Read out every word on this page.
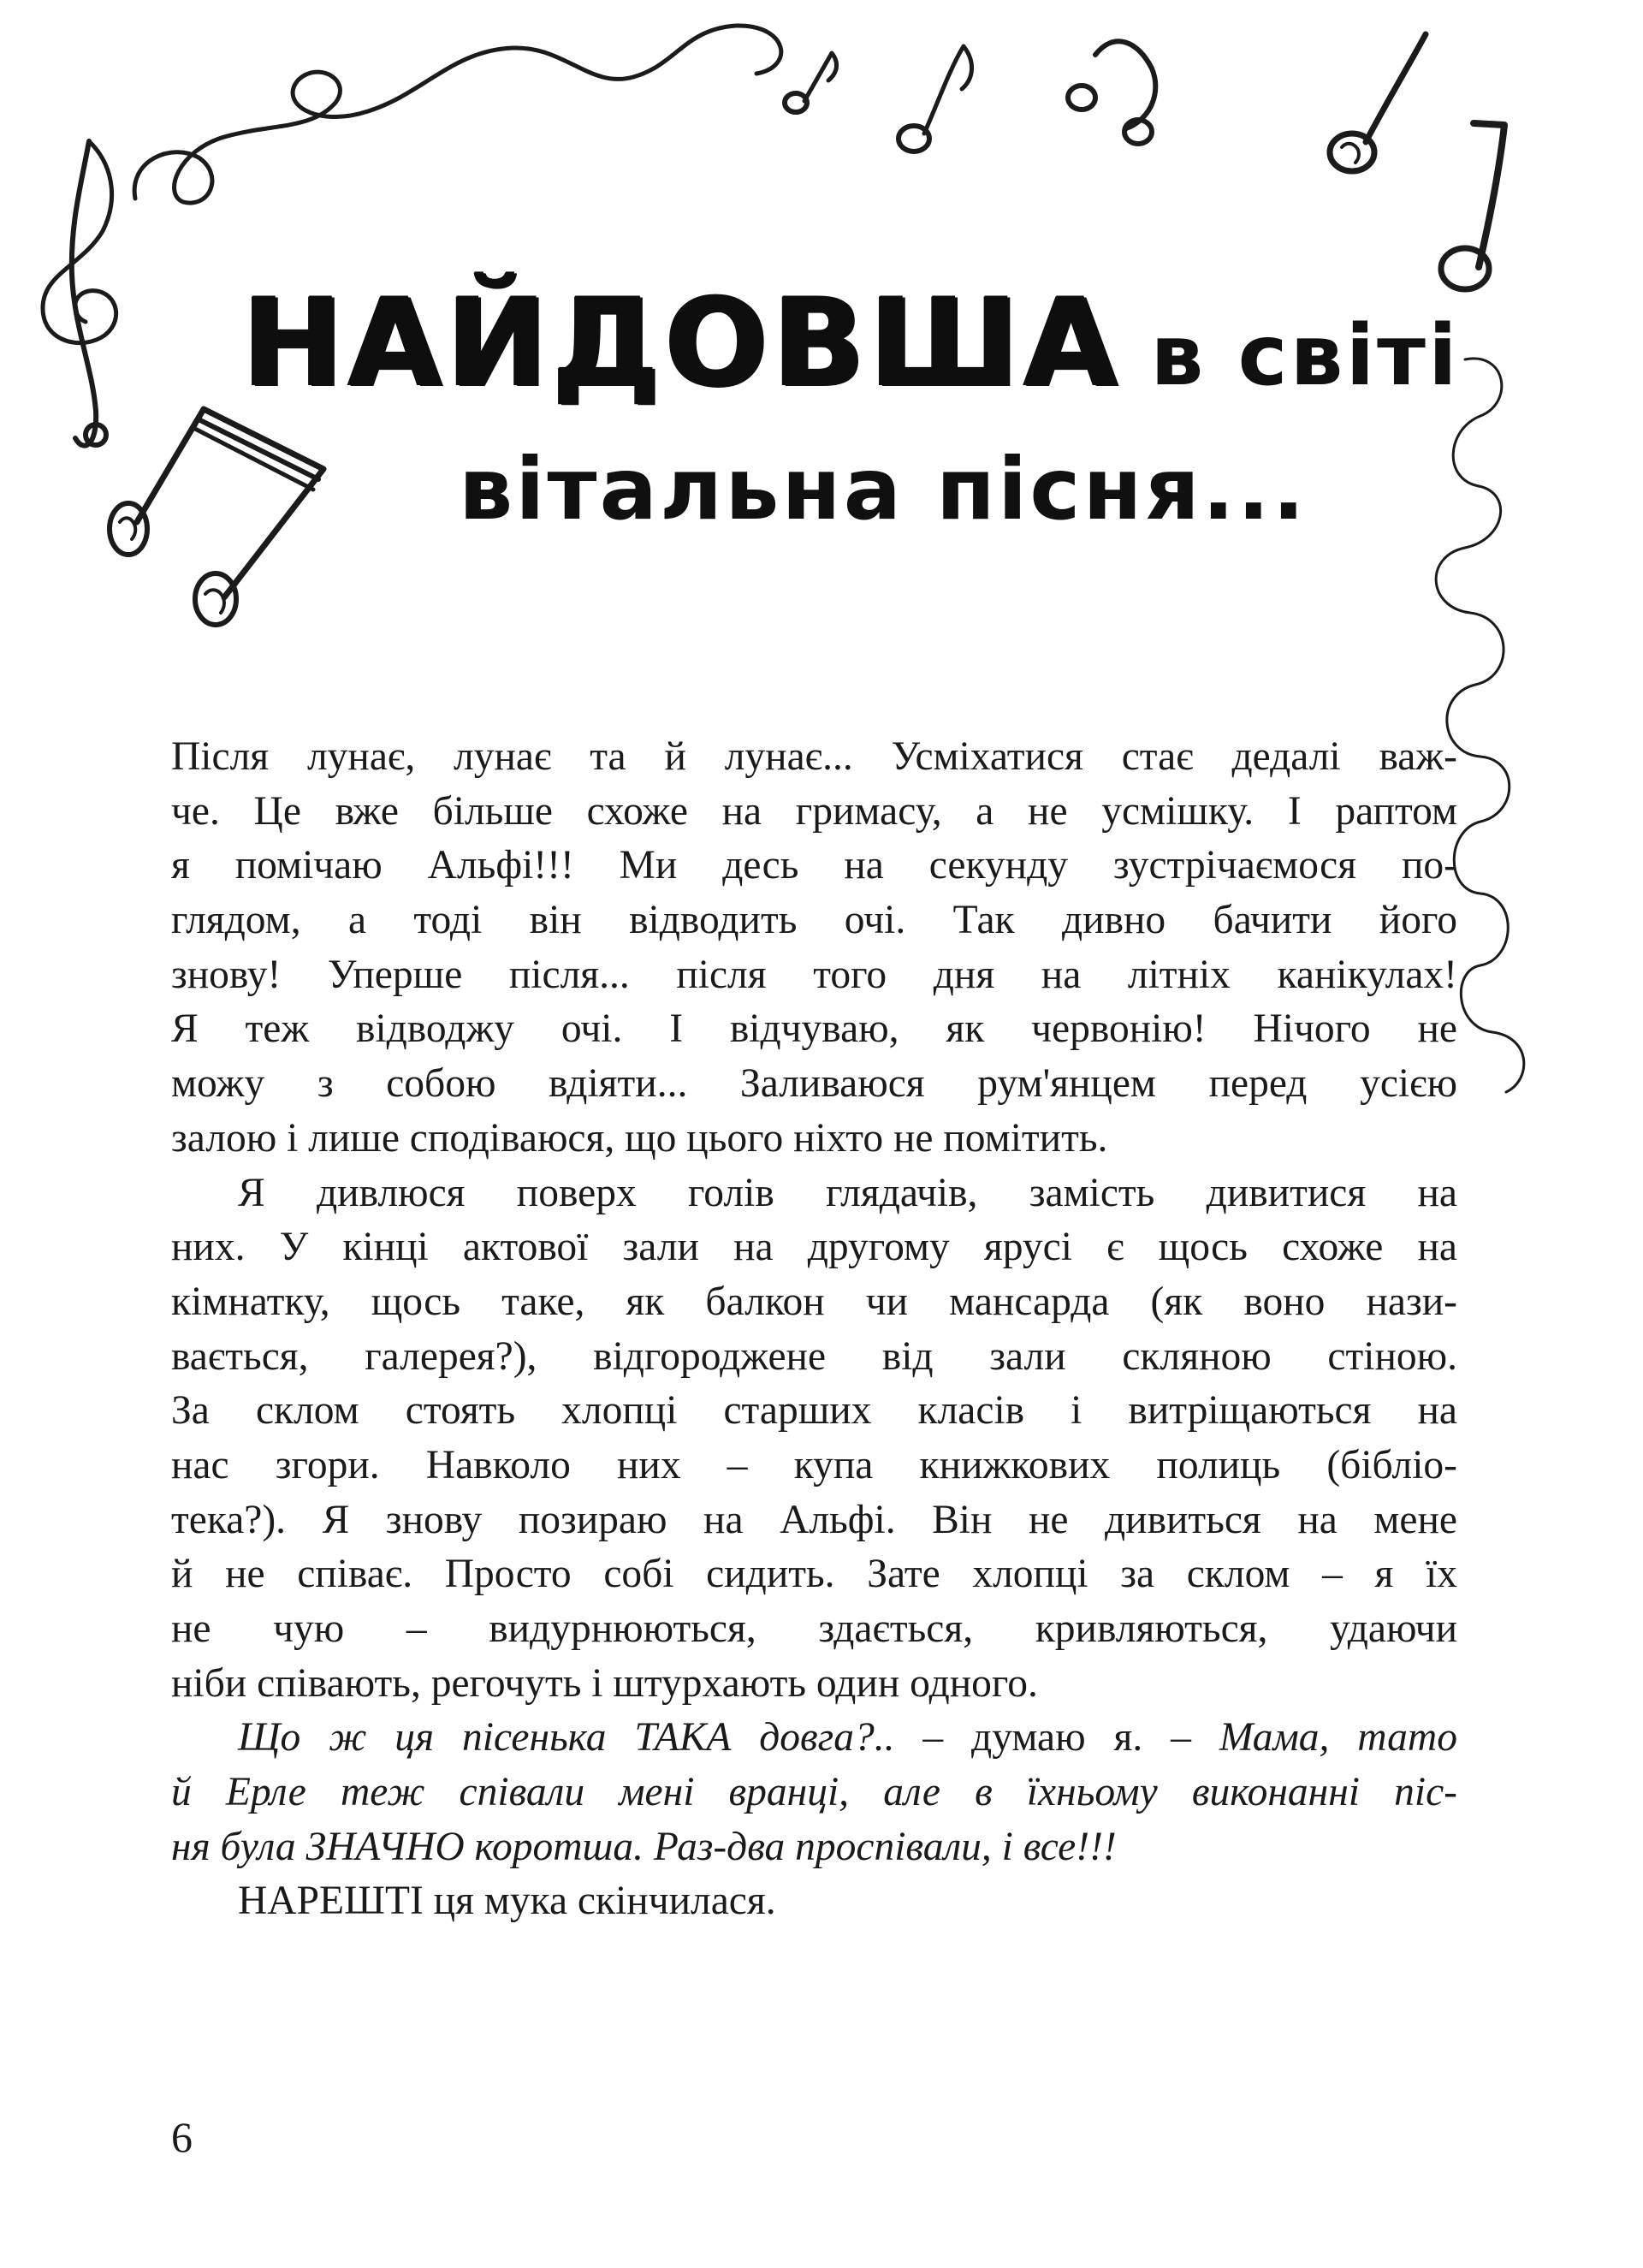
НАЙДОВША в світі
вітальна пісня...
Після лунає, лунає та й лунає... Усміхатися стає дедалі важ-
че. Це вже більше схоже на гримасу, а не усмішку. І раптом
я помічаю Альфі!!! Ми десь на секунду зустрічаємося по-
глядом, а тоді він відводить очі. Так дивно бачити його
знову! Уперше після... після того дня на літніх канікулах!
Я теж відводжу очі. І відчуваю, як червонію! Нічого не
можу з собою вдіяти... Заливаюся рум'янцем перед усією
залою і лише сподіваюся, що цього ніхто не помітить.
Я дивлюся поверх голів глядачів, замість дивитися на
них. У кінці актової зали на другому ярусі є щось схоже на
кімнатку, щось таке, як балкон чи мансарда (як воно нази-
вається, галерея?), відгороджене від зали скляною стіною.
За склом стоять хлопці старших класів і витріщаються на
нас згори. Навколо них – купа книжкових полиць (бібліо-
тека?). Я знову позираю на Альфі. Він не дивиться на мене
й не співає. Просто собі сидить. Зате хлопці за склом – я їх
не чую – видурнюються, здається, кривляються, удаючи
ніби співають, регочуть і штурхають один одного.
Що ж ця пісенька ТАКА довга?.. – думаю я. – Мама, тато
й Ерле теж співали мені вранці, але в їхньому виконанні піс-
ня була ЗНАЧНО коротша. Раз-два проспівали, і все!!!
НАРЕШТІ ця мука скінчилася.
6
